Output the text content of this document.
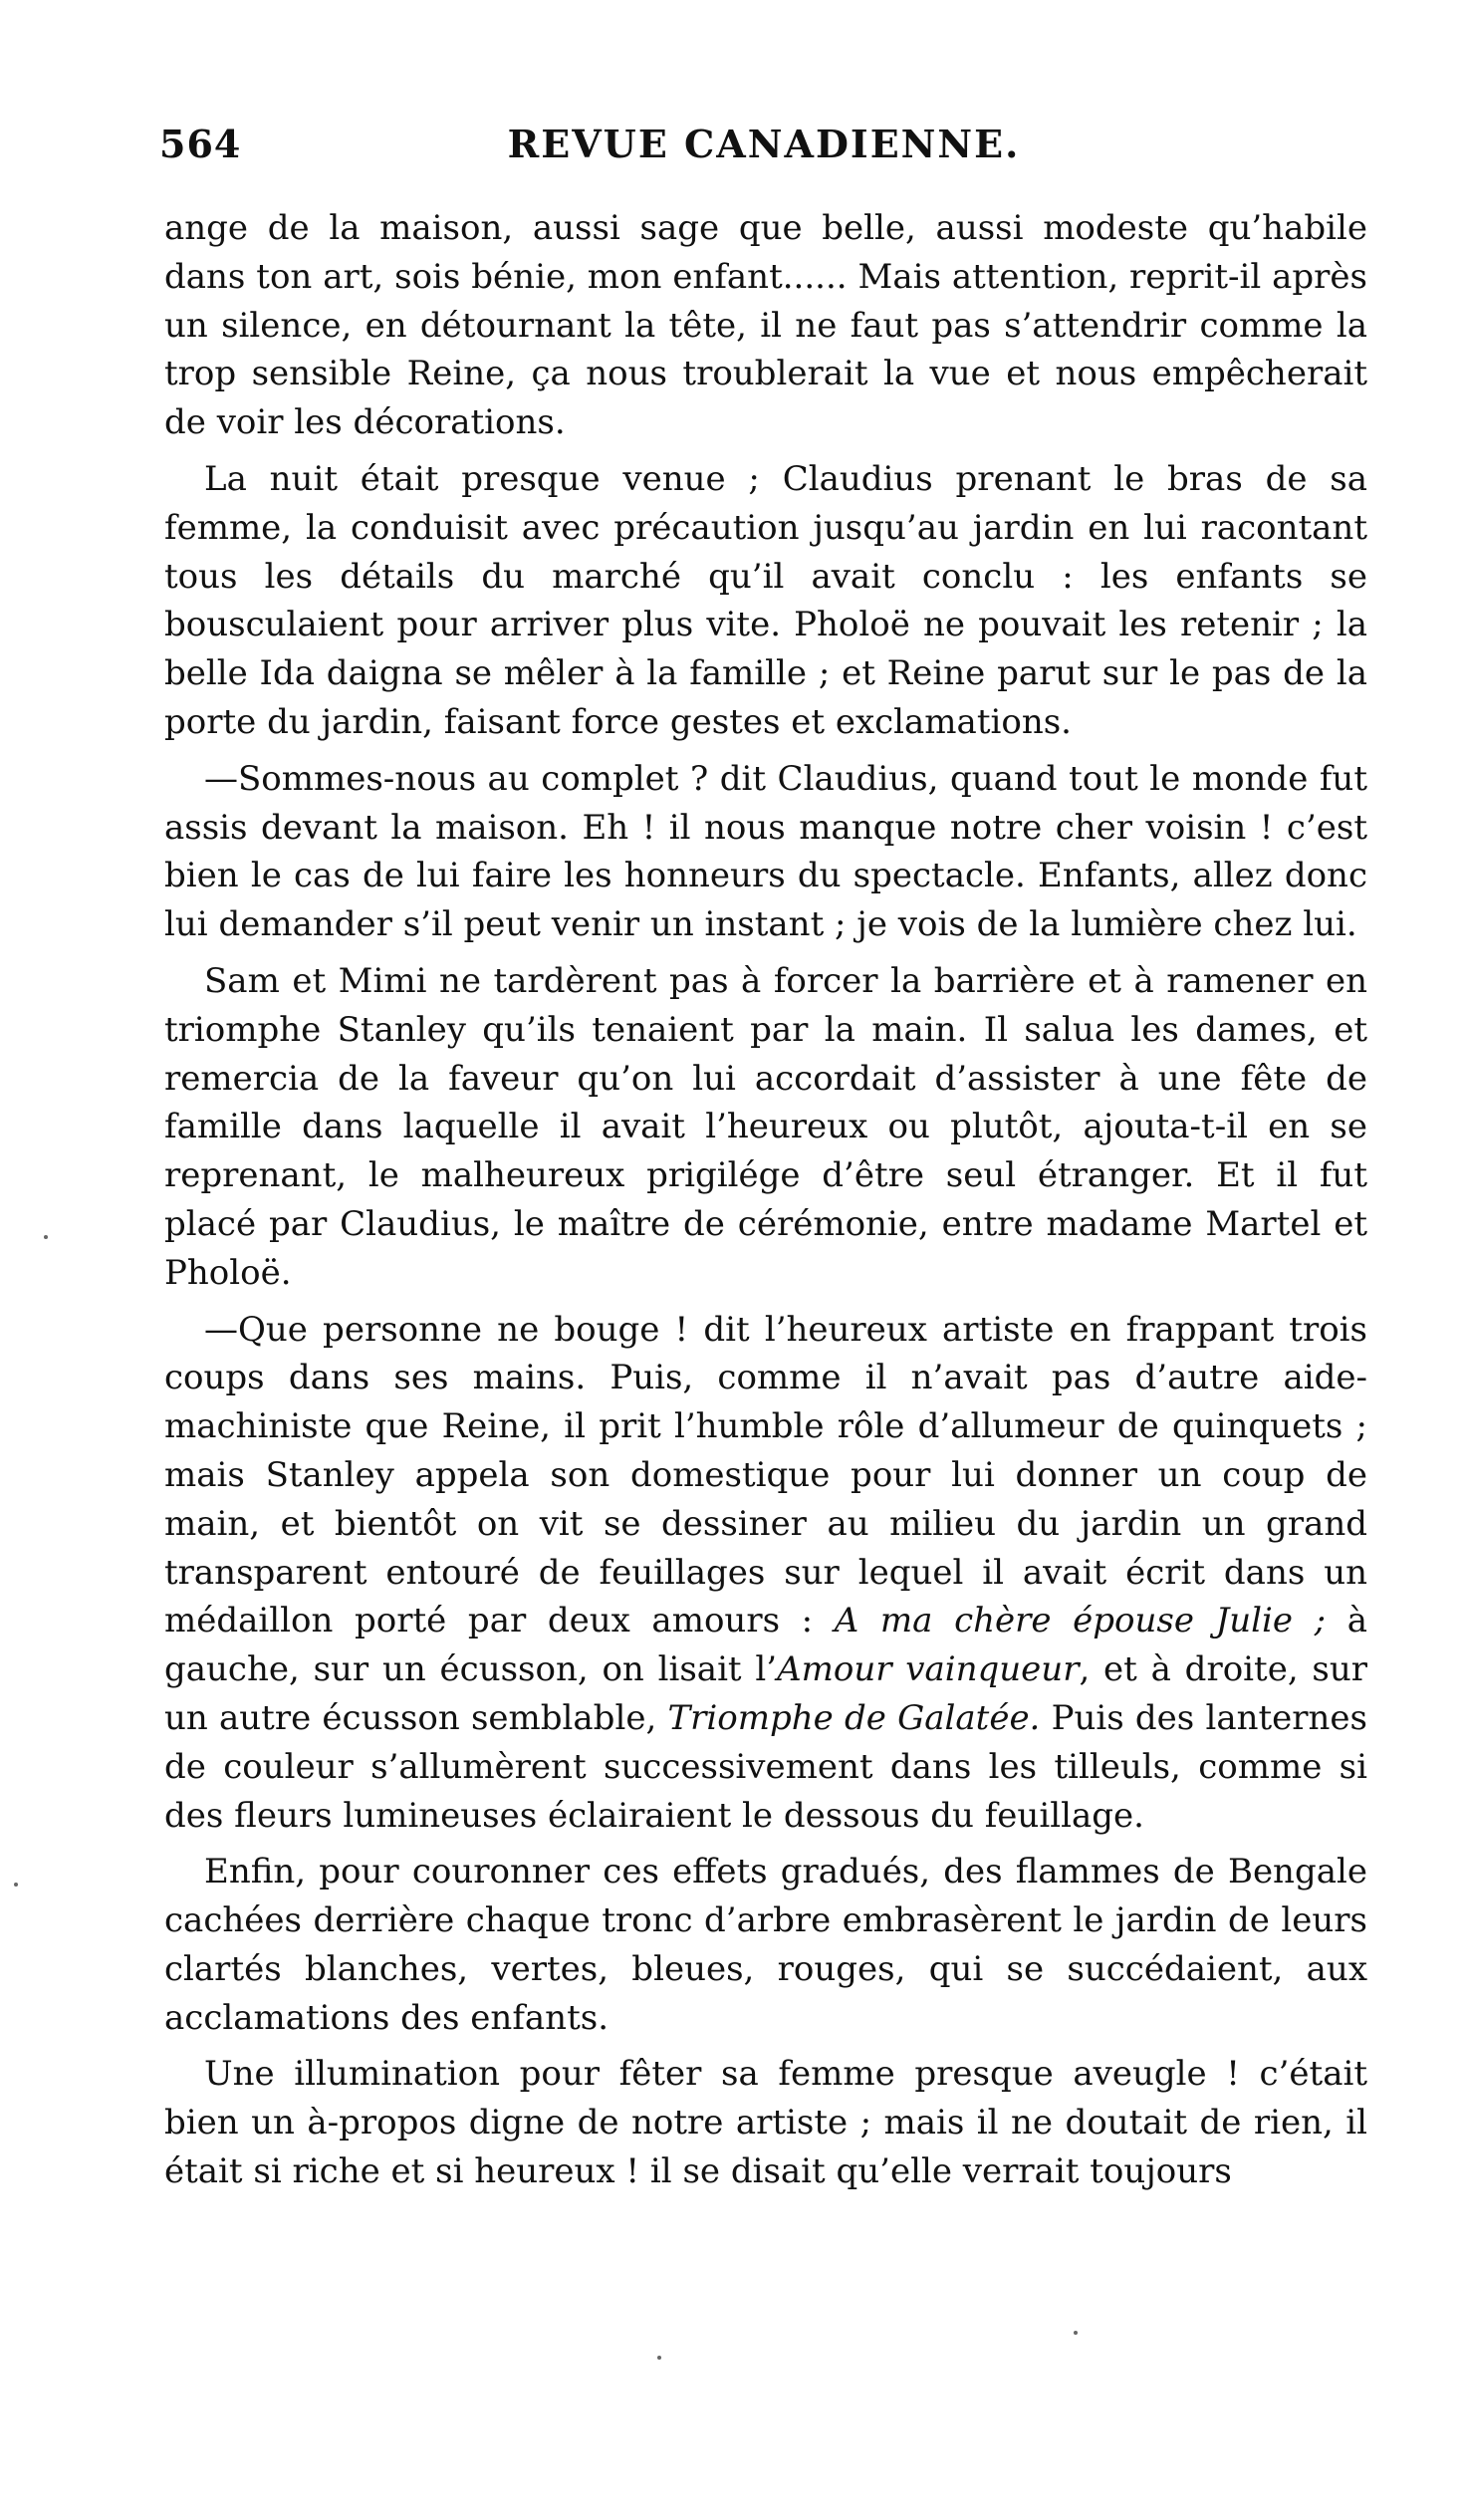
564	REVUE CANADIENNE.

ange de la maison, aussi sage que belle, aussi modeste qu’habile dans ton art, sois bénie, mon enfant...... Mais attention, reprit-il après un silence, en détournant la tête, il ne faut pas s’attendrir comme la trop sensible Reine, ça nous troublerait la vue et nous empêcherait de voir les décorations.

La nuit était presque venue ; Claudius prenant le bras de sa femme, la conduisit avec précaution jusqu’au jardin en lui racontant tous les détails du marché qu’il avait conclu : les enfants se bousculaient pour arriver plus vite. Pholoë ne pouvait les retenir ; la belle Ida daigna se mêler à la famille ; et Reine parut sur le pas de la porte du jardin, faisant force gestes et exclamations.

—Sommes-nous au complet ? dit Claudius, quand tout le monde fut assis devant la maison. Eh ! il nous manque notre cher voisin ! c’est bien le cas de lui faire les honneurs du spectacle. Enfants, allez donc lui demander s’il peut venir un instant ; je vois de la lumière chez lui.

Sam et Mimi ne tardèrent pas à forcer la barrière et à ramener en triomphe Stanley qu’ils tenaient par la main. Il salua les dames, et remercia de la faveur qu’on lui accordait d’assister à une fête de famille dans laquelle il avait l’heureux ou plutôt, ajouta-t-il en se reprenant, le malheureux prigilége d’être seul étranger. Et il fut placé par Claudius, le maître de cérémonie, entre madame Martel et Pholoë.

—Que personne ne bouge ! dit l’heureux artiste en frappant trois coups dans ses mains. Puis, comme il n’avait pas d’autre aide-machiniste que Reine, il prit l’humble rôle d’allumeur de quinquets ; mais Stanley appela son domestique pour lui donner un coup de main, et bientôt on vit se dessiner au milieu du jardin un grand transparent entouré de feuillages sur lequel il avait écrit dans un médaillon porté par deux amours : A ma chère épouse Julie ; à gauche, sur un écusson, on lisait l’Amour vainqueur, et à droite, sur un autre écusson semblable, Triomphe de Galatée. Puis des lanternes de couleur s’allumèrent successivement dans les tilleuls, comme si des fleurs lumineuses éclairaient le dessous du feuillage.

Enfin, pour couronner ces effets gradués, des flammes de Bengale cachées derrière chaque tronc d’arbre embrasèrent le jardin de leurs clartés blanches, vertes, bleues, rouges, qui se succédaient, aux acclamations des enfants.

Une illumination pour fêter sa femme presque aveugle ! c’était bien un à-propos digne de notre artiste ; mais il ne doutait de rien, il était si riche et si heureux ! il se disait qu’elle verrait toujours
